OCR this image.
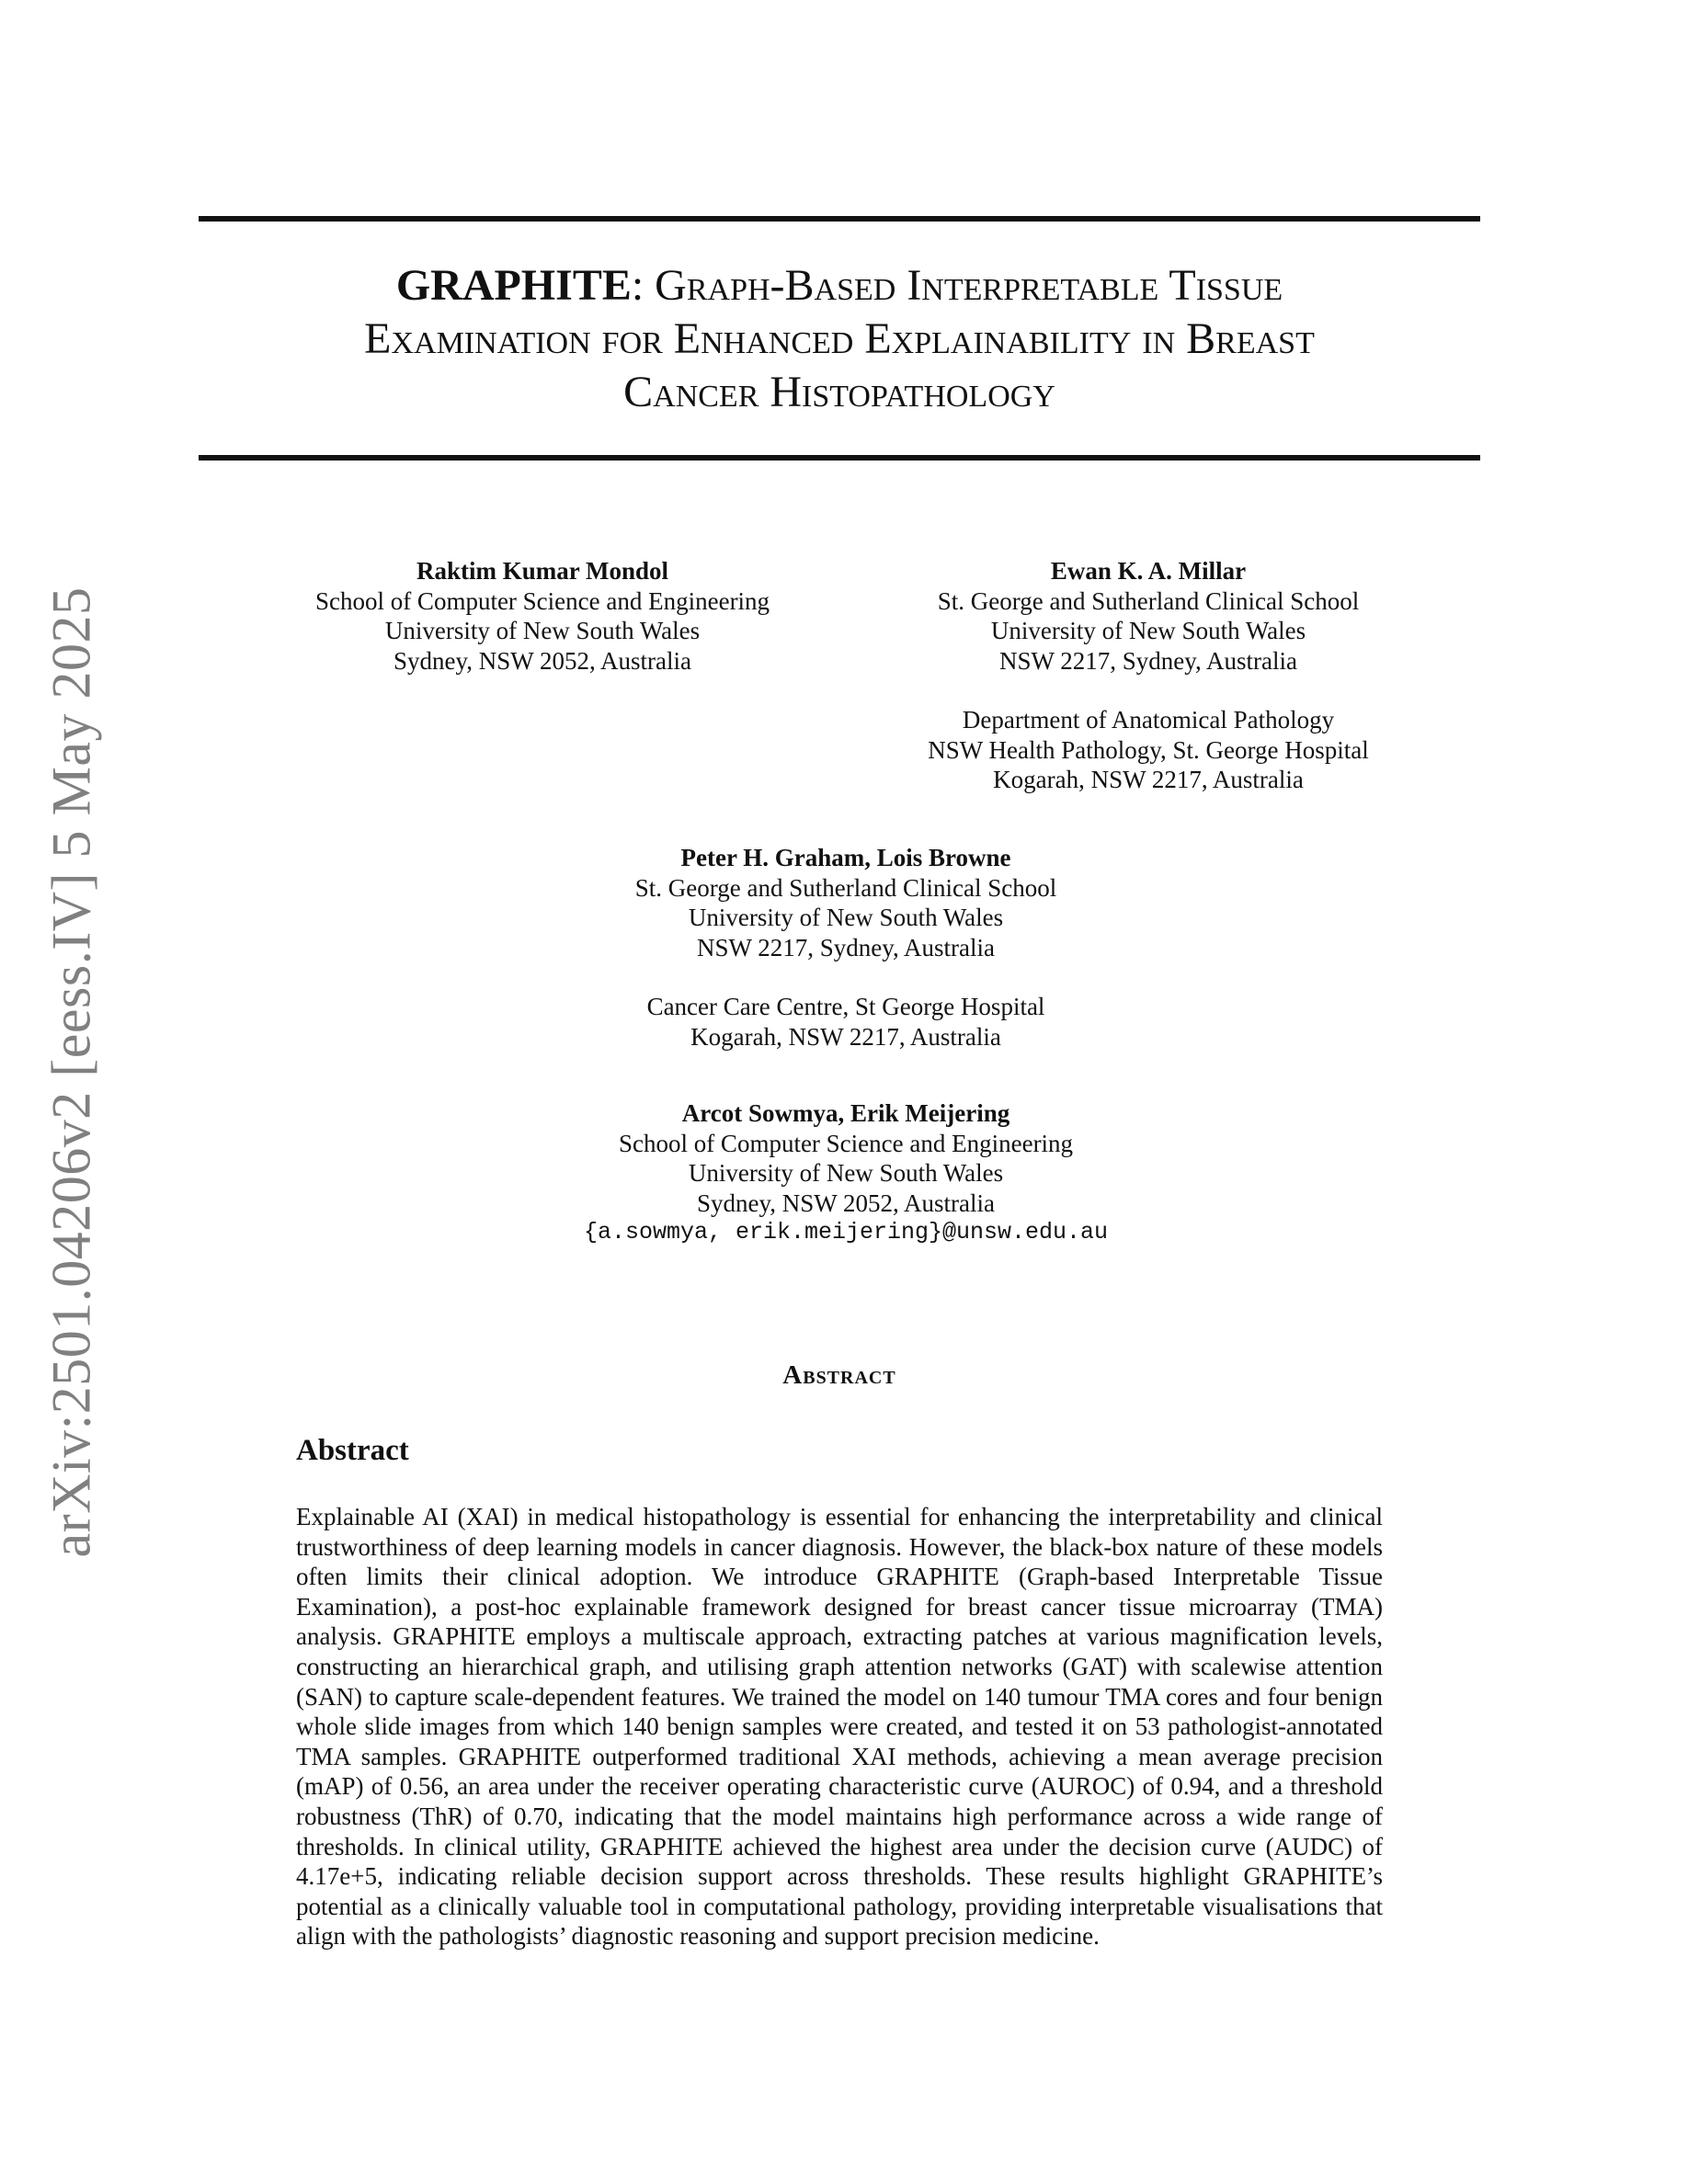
arXiv:2501.04206v2 [eess.IV] 5 May 2025
GRAPHITE: Graph-Based Interpretable Tissue
Examination for Enhanced Explainability in Breast
Cancer Histopathology
Raktim Kumar Mondol
School of Computer Science and Engineering
University of New South Wales
Sydney, NSW 2052, Australia
Ewan K. A. Millar
St. George and Sutherland Clinical School
University of New South Wales
NSW 2217, Sydney, Australia
Department of Anatomical Pathology
NSW Health Pathology, St. George Hospital
Kogarah, NSW 2217, Australia
Peter H. Graham, Lois Browne
St. George and Sutherland Clinical School
University of New South Wales
NSW 2217, Sydney, Australia
Cancer Care Centre, St George Hospital
Kogarah, NSW 2217, Australia
Arcot Sowmya, Erik Meijering
School of Computer Science and Engineering
University of New South Wales
Sydney, NSW 2052, Australia
{a.sowmya, erik.meijering}@unsw.edu.au
Abstract
Abstract

Explainable AI (XAI) in medical histopathology is essential for enhancing the interpretability and clinical trustworthiness of deep learning models in cancer diagnosis. However, the black-box nature of these models often limits their clinical adoption. We introduce GRAPHITE (Graph-based Interpretable Tissue Examination), a post-hoc explainable framework designed for breast cancer tissue microarray (TMA) analysis. GRAPHITE employs a multiscale approach, extracting patches at various magnification levels, constructing an hierarchical graph, and utilising graph attention networks (GAT) with scalewise attention (SAN) to capture scale-dependent features. We trained the model on 140 tumour TMA cores and four benign whole slide images from which 140 benign samples were created, and tested it on 53 pathologist-annotated TMA samples. GRAPHITE outperformed traditional XAI methods, achieving a mean average precision (mAP) of 0.56, an area under the receiver operating characteristic curve (AUROC) of 0.94, and a threshold robustness (ThR) of 0.70, indicating that the model maintains high performance across a wide range of thresholds. In clinical utility, GRAPHITE achieved the highest area under the decision curve (AUDC) of 4.17e+5, indicating reliable decision support across thresholds. These results highlight GRAPHITE’s potential as a clinically valuable tool in computational pathology, providing interpretable visualisations that align with the pathologists’ diagnostic reasoning and support precision medicine.
